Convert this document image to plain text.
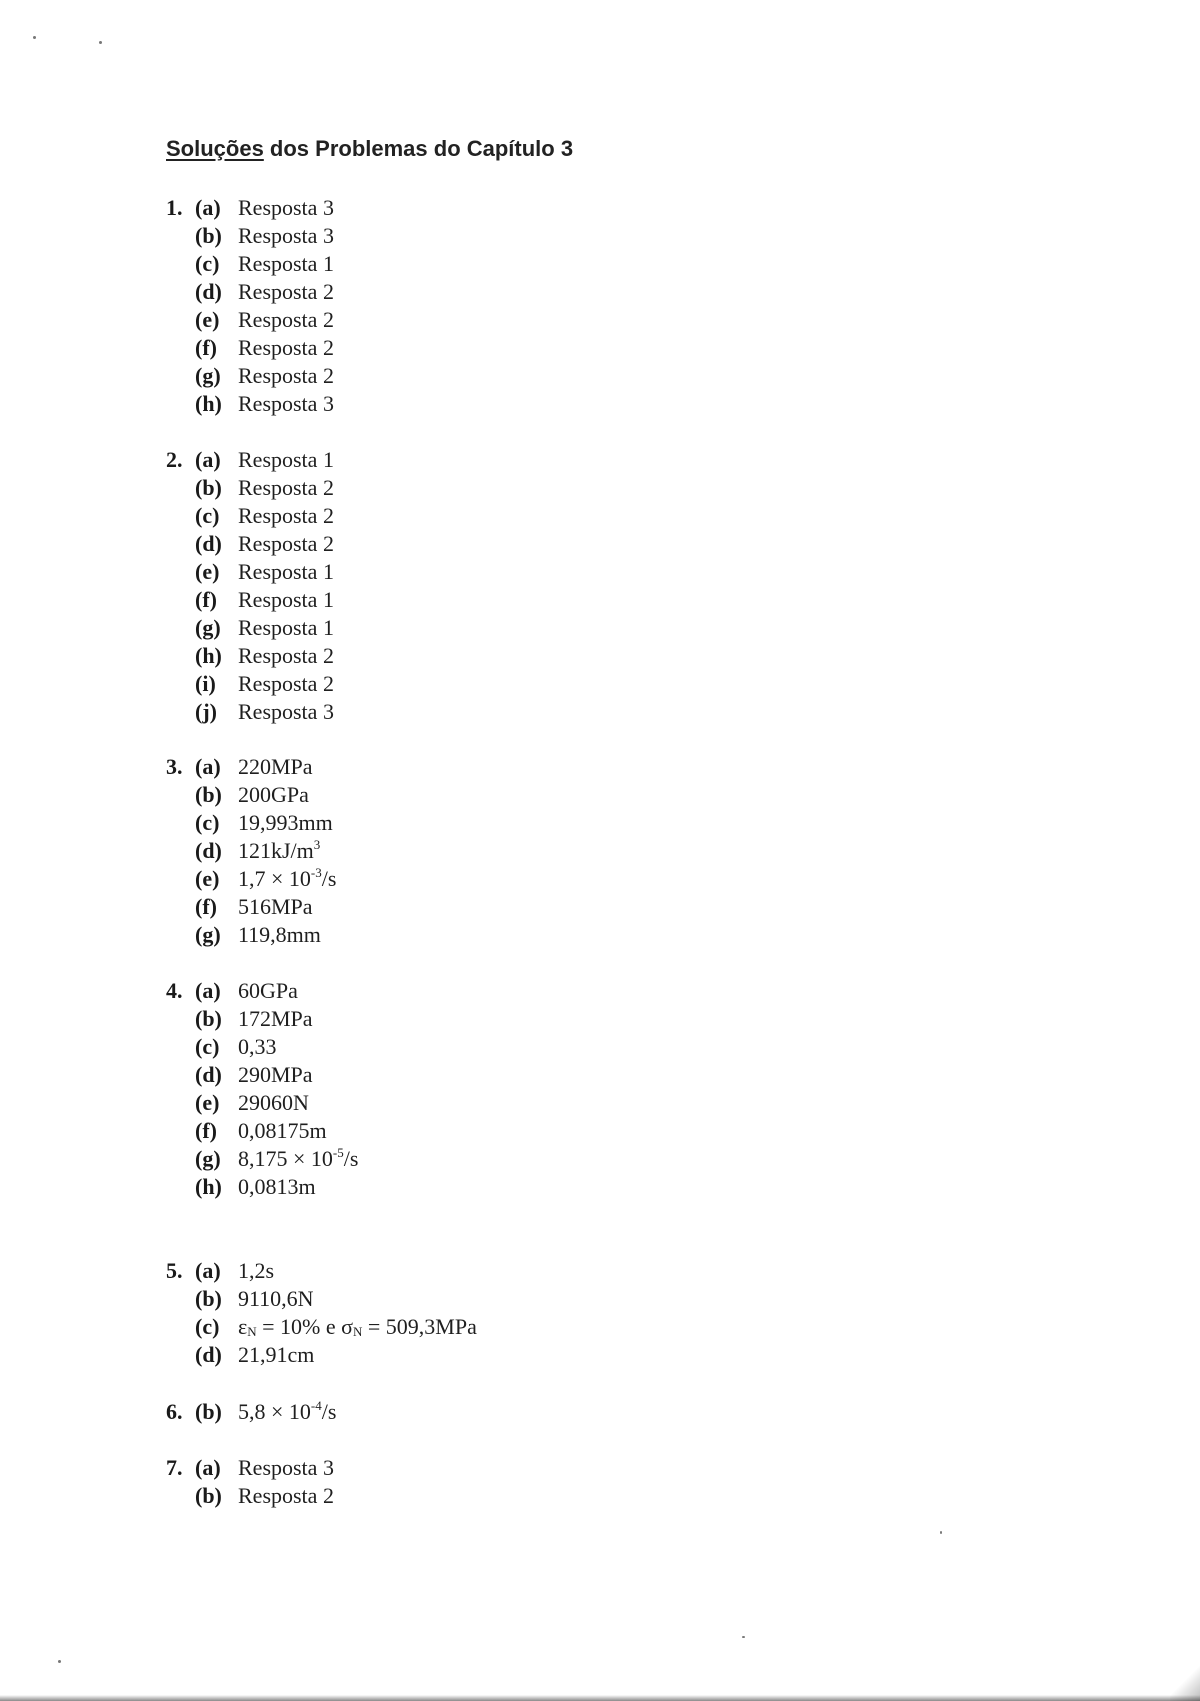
Soluções dos Problemas do Capítulo 3
1. (a) Resposta 3
(b) Resposta 3
(c) Resposta 1
(d) Resposta 2
(e) Resposta 2
(f) Resposta 2
(g) Resposta 2
(h) Resposta 3
2. (a) Resposta 1
(b) Resposta 2
(c) Resposta 2
(d) Resposta 2
(e) Resposta 1
(f) Resposta 1
(g) Resposta 1
(h) Resposta 2
(i)	Resposta 2
(j) Resposta 3
3. (a) 220MPa
(b) 200GPa
(c) 19,993mm
(d) $121kJ/m^3$
(e) $1,7 \times 10^{-3}/s$
(f) 516MPa
(g) 119,8mm
4. (a) 60GPa
(b) 172MPa
(c) 0,33
(d) 290MPa
(e) 29060N
(f) 0,08175m
(g) $8,175 \times 10^{-5}/s$
(h) 0,0813m
5. (a) 1,2s
(b) 9110,6N
(c) $\varepsilon_N = 10\%$ e $\sigma_N = 509,3MPa$
(d) 21,91cm
6. (b) $5,8 \times 10^{-4}/s$
7. (a) Resposta 3
(b) Resposta 2
